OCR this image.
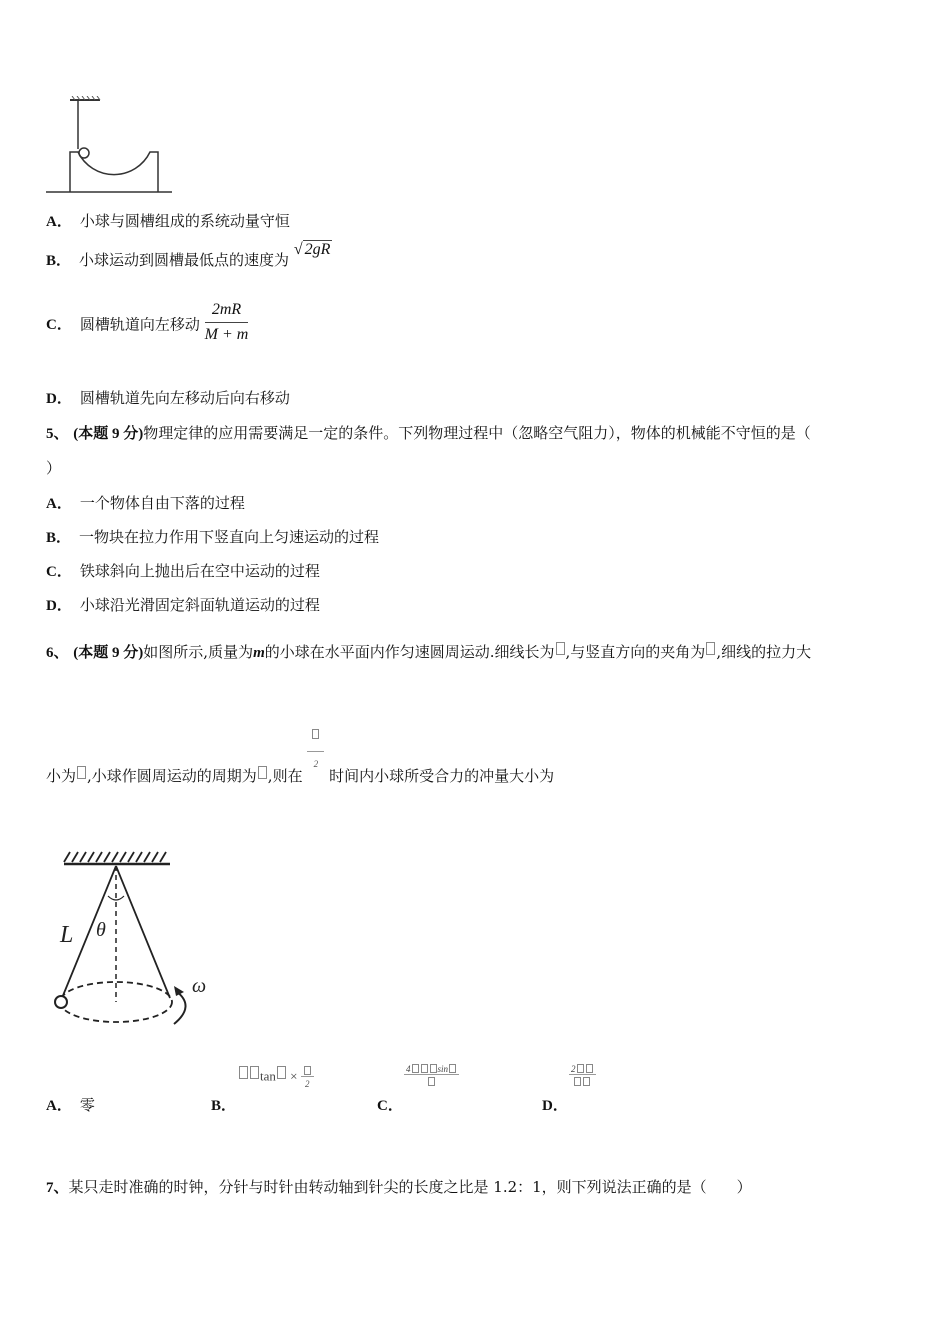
A． 小球与圆槽组成的系统动量守恒
B． 小球运动到圆槽最低点的速度为 √ 2gR
C． 圆槽轨道向左移动 $\frac{2mR}{M + m}$
D． 圆槽轨道先向左移动后向右移动
5、 (本题 9 分)物理定律的应用需要满足一定的条件。下列物理过程中（忽略空气阻力），物体的机械能不守恒的是（
）
A． 一个物体自由下落的过程
B． 一物块在拉力作用下竖直向上匀速运动的过程
C． 铁球斜向上抛出后在空中运动的过程
D． 小球沿光滑固定斜面轨道运动的过程
6、 (本题 9 分)如图所示,质量为m的小球在水平面内作匀速圆周运动.细线长为 ,与竖直方向的夹角为 ,细线的拉力大
小为 ,小球作圆周运动的周期为 ,则在
2
时间内小球所受合力的冲量大小为
L θ
ω
A． 零	B．
tan ×
2
C．
4	sin
D．
2
7、某只走时准确的时钟，分针与时针由转动轴到针尖的长度之比是 1.2：1，则下列说法正确的是（　　）
